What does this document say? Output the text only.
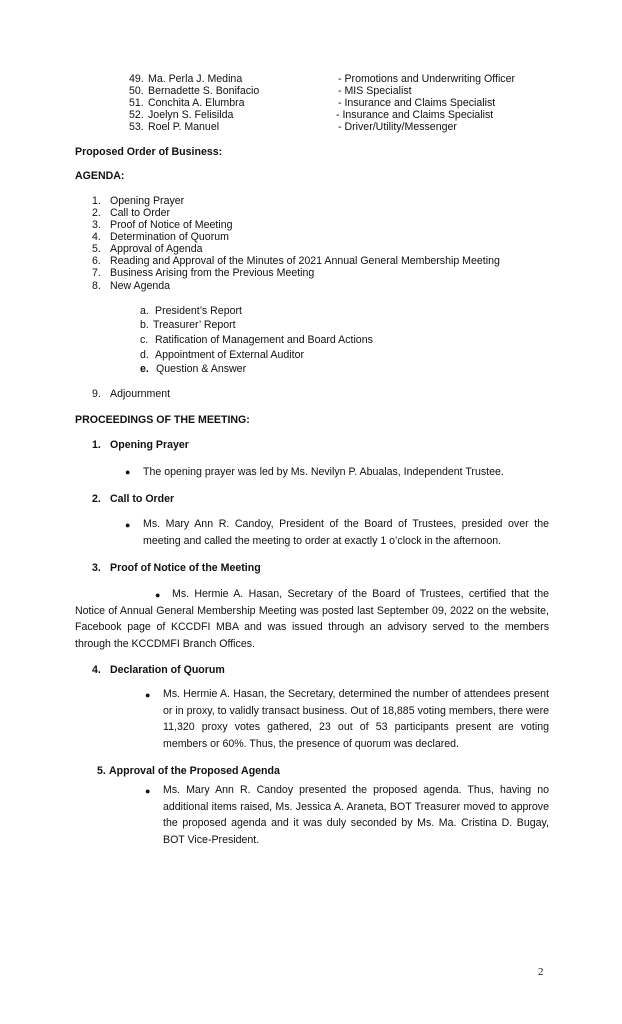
49. Ma. Perla J. Medina	- Promotions and Underwriting Officer
50. Bernadette S. Bonifacio	- MIS Specialist
51. Conchita A. Elumbra	- Insurance and Claims Specialist
52. Joelyn S. Felisilda	- Insurance and Claims Specialist
53. Roel P. Manuel	- Driver/Utility/Messenger
Proposed Order of Business:
AGENDA:
1. Opening Prayer
2. Call to Order
3. Proof of Notice of Meeting
4. Determination of Quorum
5. Approval of Agenda
6. Reading and Approval of the Minutes of 2021 Annual General Membership Meeting
7. Business Arising from the Previous Meeting
8. New Agenda
a. President’s Report
b. Treasurer’ Report
c. Ratification of Management and Board Actions
d. Appointment of External Auditor
e. Question & Answer
9. Adjournment
PROCEEDINGS OF THE MEETING:
1. Opening Prayer
● The opening prayer was led by Ms. Nevilyn P. Abualas, Independent Trustee.
2. Call to Order
● Ms. Mary Ann R. Candoy, President of the Board of Trustees, presided over the meeting and called the meeting to order at exactly 1 o’clock in the afternoon.
3. Proof of Notice of the Meeting
●	Ms. Hermie A. Hasan, Secretary of the Board of Trustees, certified that the Notice of Annual General Membership Meeting was posted last September 09, 2022 on the website, Facebook page of KCCDFI MBA and was issued through an advisory served to the members through the KCCDMFI Branch Offices.
4. Declaration of Quorum
● Ms. Hermie A. Hasan, the Secretary, determined the number of attendees present or in proxy, to validly transact business. Out of 18,885 voting members, there were 11,320 proxy votes gathered, 23 out of 53 participants present are voting members or 60%. Thus, the presence of quorum was declared.
5. Approval of the Proposed Agenda
● Ms. Mary Ann R. Candoy presented the proposed agenda. Thus, having no additional items raised, Ms. Jessica A. Araneta, BOT Treasurer moved to approve the proposed agenda and it was duly seconded by Ms. Ma. Cristina D. Bugay, BOT Vice-President.
2
